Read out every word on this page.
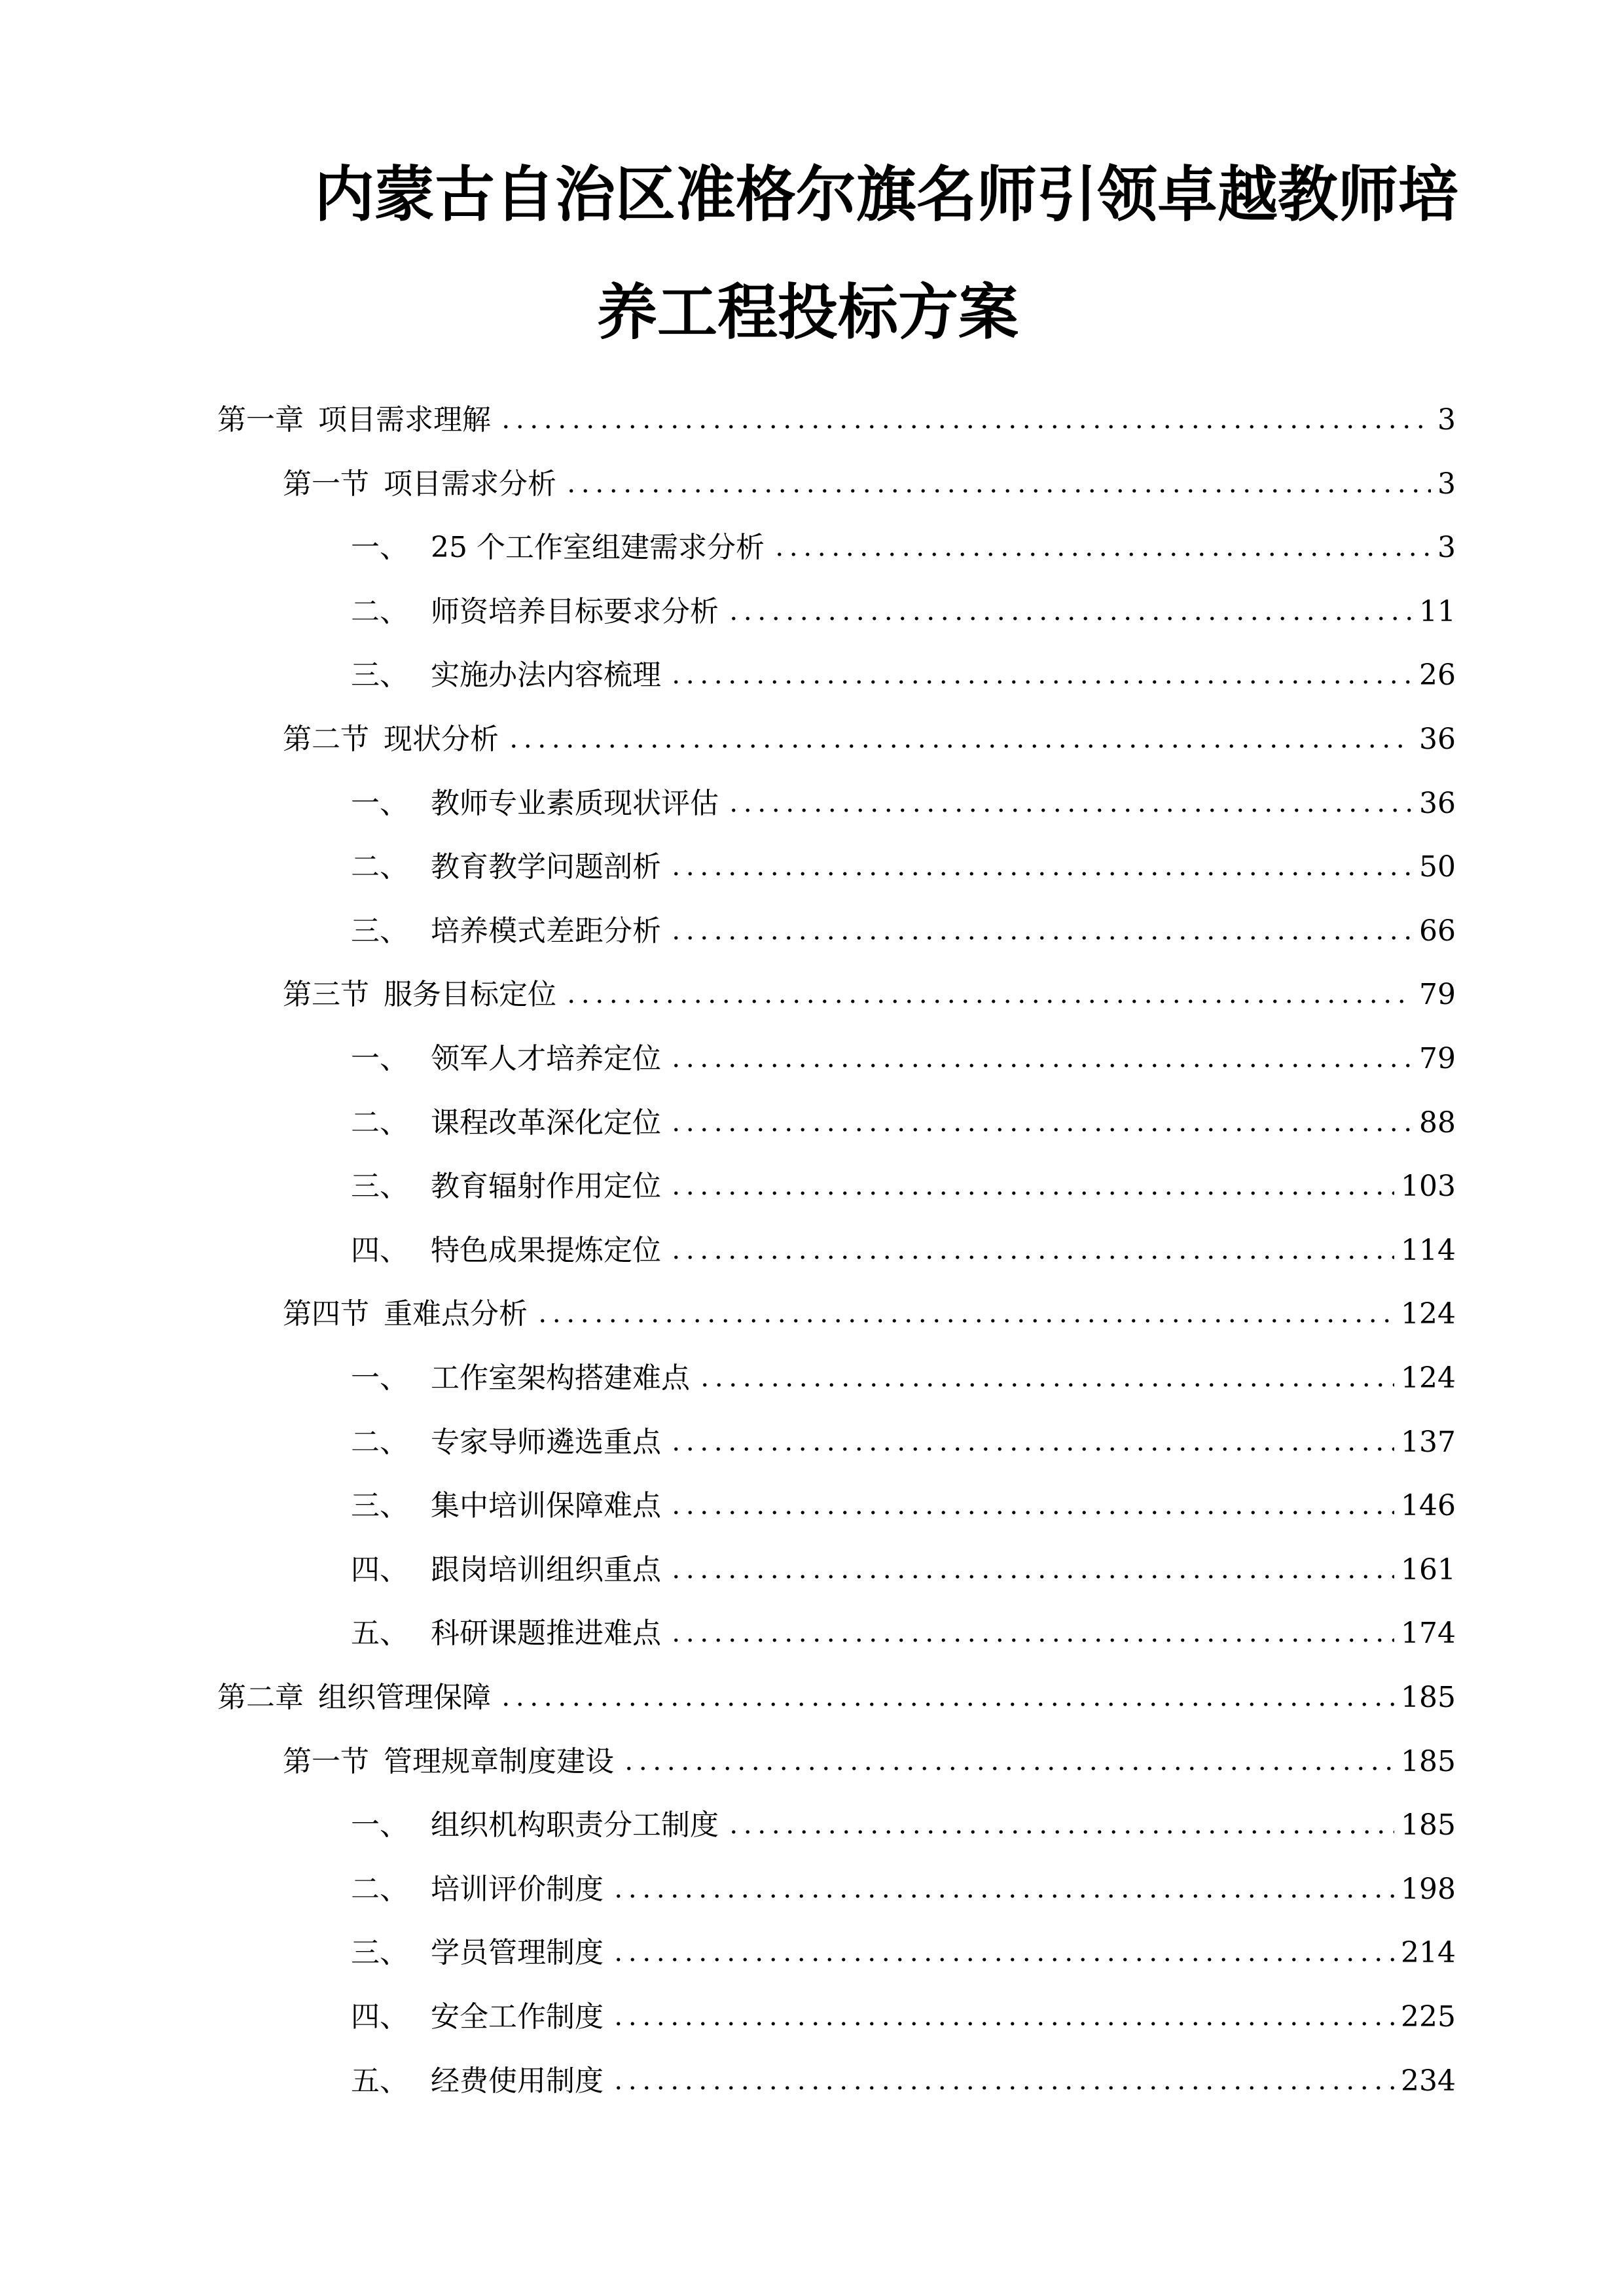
内蒙古自治区准格尔旗名师引领卓越教师培
养工程投标方案
第一章 项目需求理解	3
第一节 项目需求分析	3
一、 25 个工作室组建需求分析	3
二、 师资培养目标要求分析	11
三、 实施办法内容梳理	26
第二节 现状分析	36
一、 教师专业素质现状评估	36
二、 教育教学问题剖析	50
三、 培养模式差距分析	66
第三节 服务目标定位	79
一、 领军人才培养定位	79
二、 课程改革深化定位	88
三、 教育辐射作用定位	103
四、 特色成果提炼定位	114
第四节 重难点分析	124
一、 工作室架构搭建难点	124
二、 专家导师遴选重点	137
三、 集中培训保障难点	146
四、 跟岗培训组织重点	161
五、 科研课题推进难点	174
第二章 组织管理保障	185
第一节 管理规章制度建设	185
一、 组织机构职责分工制度	185
二、 培训评价制度	198
三、 学员管理制度	214
四、 安全工作制度	225
五、 经费使用制度	234
